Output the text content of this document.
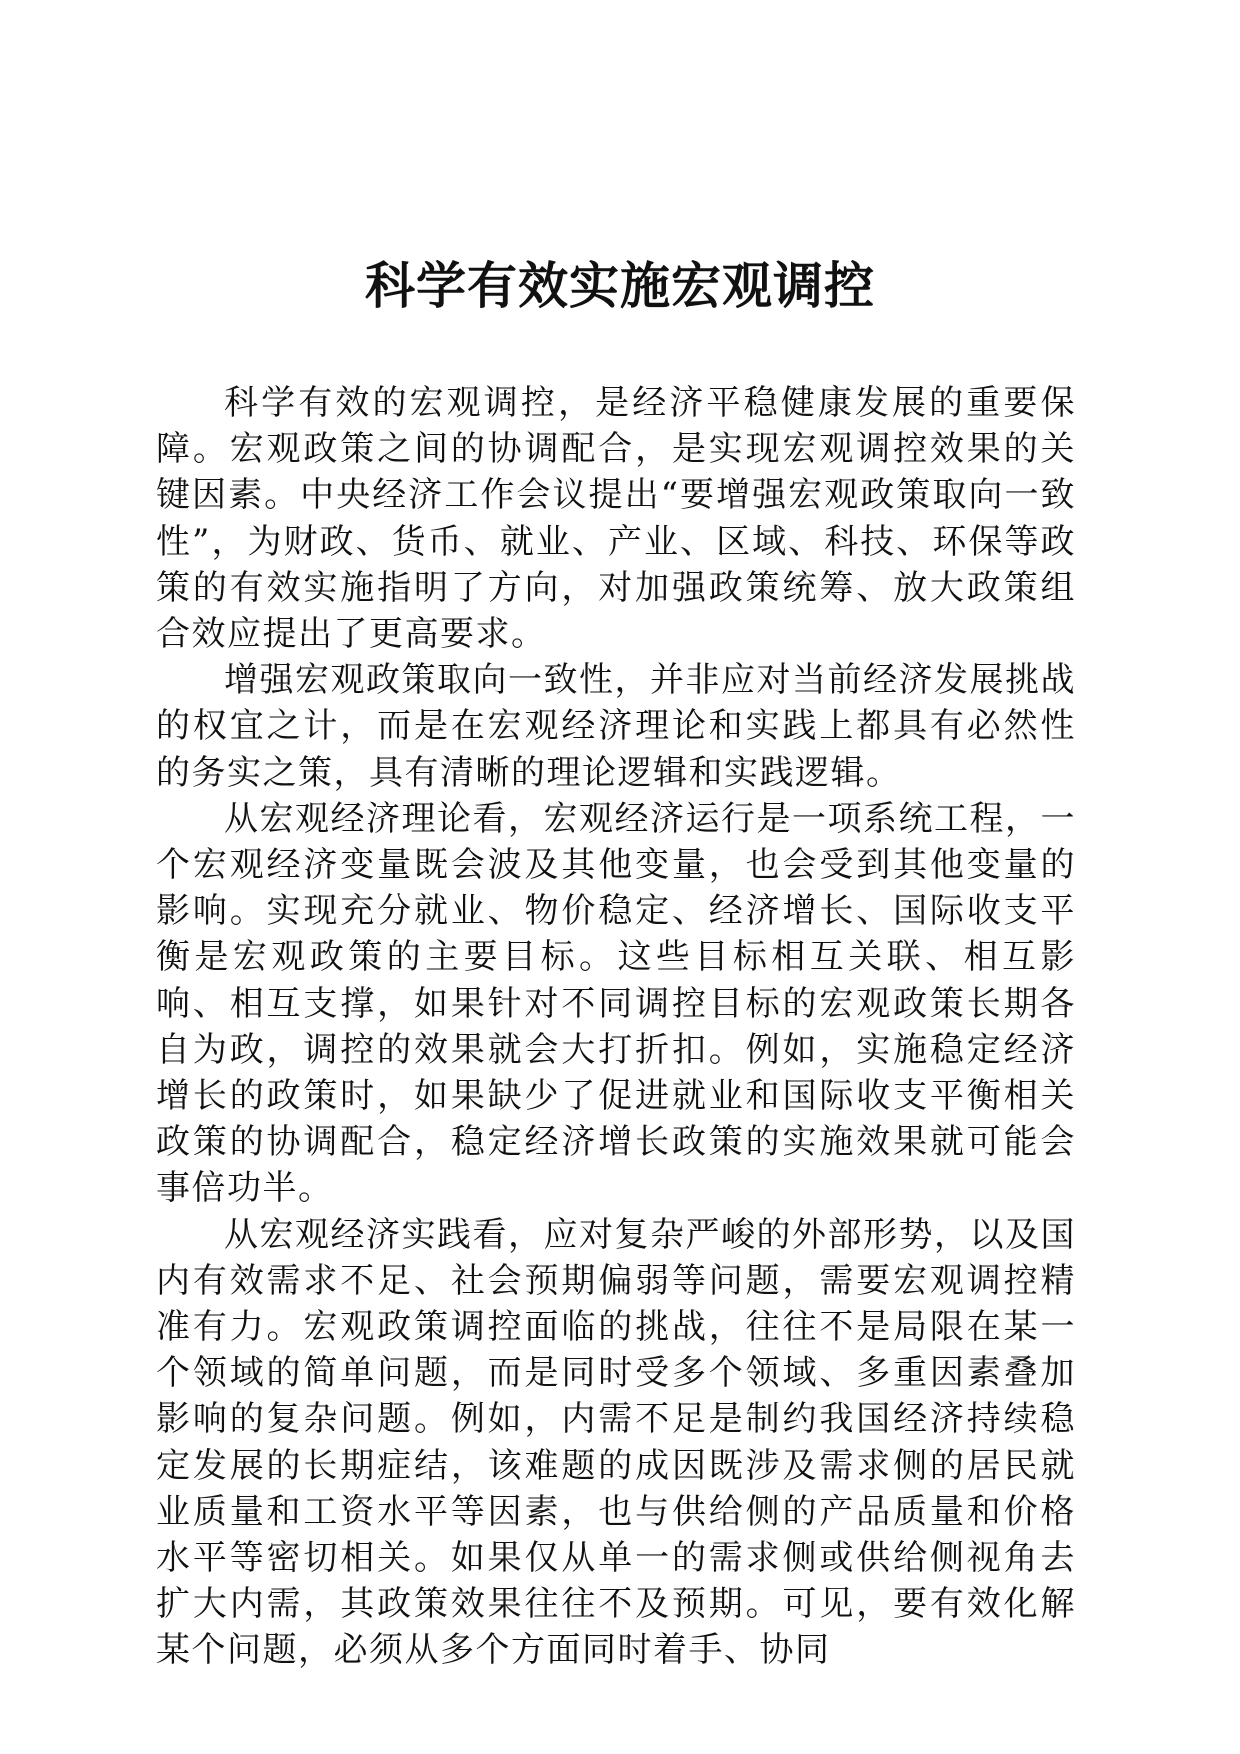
科学有效实施宏观调控

科学有效的宏观调控，是经济平稳健康发展的重要保障。宏观政策之间的协调配合，是实现宏观调控效果的关键因素。中央经济工作会议提出“要增强宏观政策取向一致性”，为财政、货币、就业、产业、区域、科技、环保等政策的有效实施指明了方向，对加强政策统筹、放大政策组合效应提出了更高要求。

增强宏观政策取向一致性，并非应对当前经济发展挑战的权宜之计，而是在宏观经济理论和实践上都具有必然性的务实之策，具有清晰的理论逻辑和实践逻辑。

从宏观经济理论看，宏观经济运行是一项系统工程，一个宏观经济变量既会波及其他变量，也会受到其他变量的影响。实现充分就业、物价稳定、经济增长、国际收支平衡是宏观政策的主要目标。这些目标相互关联、相互影响、相互支撑，如果针对不同调控目标的宏观政策长期各自为政，调控的效果就会大打折扣。例如，实施稳定经济增长的政策时，如果缺少了促进就业和国际收支平衡相关政策的协调配合，稳定经济增长政策的实施效果就可能会事倍功半。

从宏观经济实践看，应对复杂严峻的外部形势，以及国内有效需求不足、社会预期偏弱等问题，需要宏观调控精准有力。宏观政策调控面临的挑战，往往不是局限在某一个领域的简单问题，而是同时受多个领域、多重因素叠加影响的复杂问题。例如，内需不足是制约我国经济持续稳定发展的长期症结，该难题的成因既涉及需求侧的居民就业质量和工资水平等因素，也与供给侧的产品质量和价格水平等密切相关。如果仅从单一的需求侧或供给侧视角去扩大内需，其政策效果往往不及预期。可见，要有效化解某个问题，必须从多个方面同时着手、协同
